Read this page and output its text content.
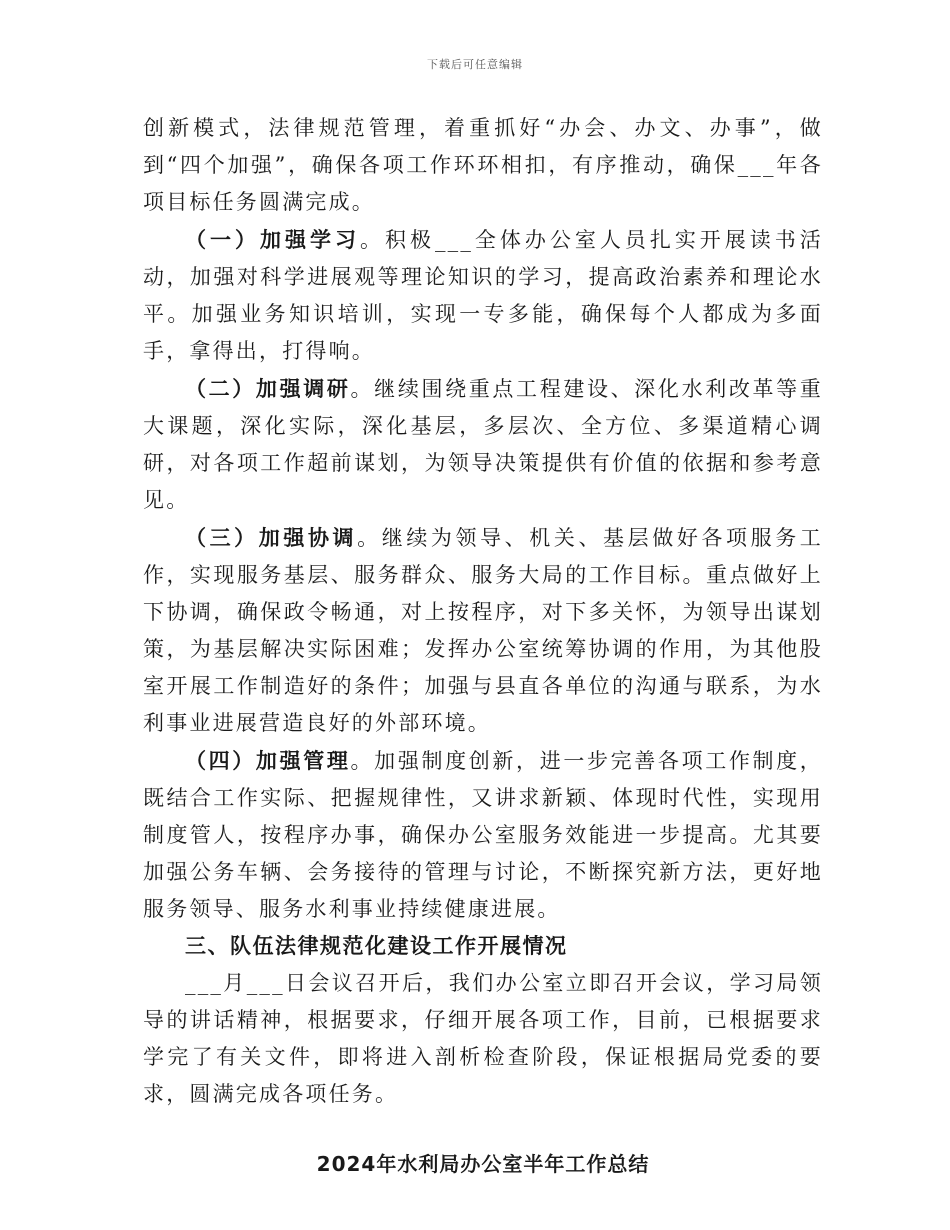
下载后可任意编辑

创新模式，法律规范管理，着重抓好“办会、办文、办事”，做到“四个加强”，确保各项工作环环相扣，有序推动，确保___年各项目标任务圆满完成。

（一）加强学习。积极___全体办公室人员扎实开展读书活动，加强对科学进展观等理论知识的学习，提高政治素养和理论水平。加强业务知识培训，实现一专多能，确保每个人都成为多面手，拿得出，打得响。

（二）加强调研。继续围绕重点工程建设、深化水利改革等重大课题，深化实际，深化基层，多层次、全方位、多渠道精心调研，对各项工作超前谋划，为领导决策提供有价值的依据和参考意见。

（三）加强协调。继续为领导、机关、基层做好各项服务工作，实现服务基层、服务群众、服务大局的工作目标。重点做好上下协调，确保政令畅通，对上按程序，对下多关怀，为领导出谋划策，为基层解决实际困难；发挥办公室统筹协调的作用，为其他股室开展工作制造好的条件；加强与县直各单位的沟通与联系，为水利事业进展营造良好的外部环境。

（四）加强管理。加强制度创新，进一步完善各项工作制度，既结合工作实际、把握规律性，又讲求新颖、体现时代性，实现用制度管人，按程序办事，确保办公室服务效能进一步提高。尤其要加强公务车辆、会务接待的管理与讨论，不断探究新方法，更好地服务领导、服务水利事业持续健康进展。

三、队伍法律规范化建设工作开展情况

___月___日会议召开后，我们办公室立即召开会议，学习局领导的讲话精神，根据要求，仔细开展各项工作，目前，已根据要求学完了有关文件，即将进入剖析检查阶段，保证根据局党委的要求，圆满完成各项任务。

2024年水利局办公室半年工作总结
